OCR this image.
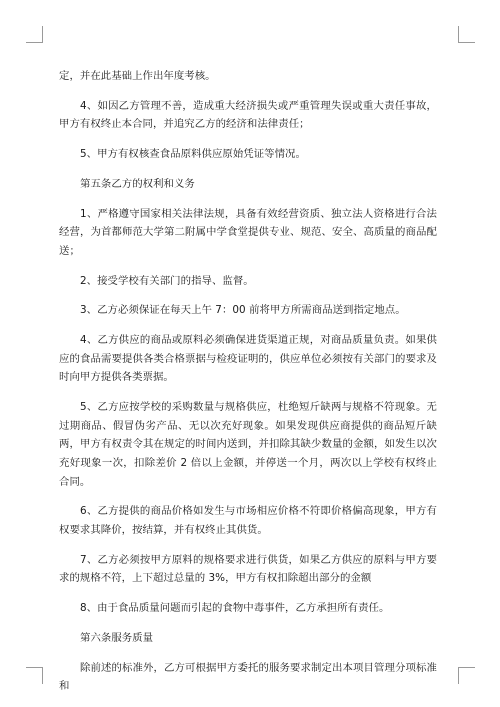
定，并在此基础上作出年度考核。

4、如因乙方管理不善，造成重大经济损失或严重管理失误或重大责任事故，甲方有权终止本合同，并追究乙方的经济和法律责任；

5、甲方有权核查食品原料供应原始凭证等情况。

第五条乙方的权利和义务

1、严格遵守国家相关法律法规，具备有效经营资质、独立法人资格进行合法经营，为首都师范大学第二附属中学食堂提供专业、规范、安全、高质量的商品配送；

2、接受学校有关部门的指导、监督。

3、乙方必须保证在每天上午 7：00 前将甲方所需商品送到指定地点。

4、乙方供应的商品或原料必须确保进货渠道正规，对商品质量负责。如果供应的食品需要提供各类合格票据与检疫证明的，供应单位必须按有关部门的要求及时向甲方提供各类票据。

5、乙方应按学校的采购数量与规格供应，杜绝短斤缺两与规格不符现象。无过期商品、假冒伪劣产品、无以次充好现象。如果发现供应商提供的商品短斤缺两，甲方有权责令其在规定的时间内送到，并扣除其缺少数量的金额，如发生以次充好现象一次，扣除差价 2 倍以上金额，并停送一个月，两次以上学校有权终止合同。

6、乙方提供的商品价格如发生与市场相应价格不符即价格偏高现象，甲方有权要求其降价，按结算，并有权终止其供货。

7、乙方必须按甲方原料的规格要求进行供货，如果乙方供应的原料与甲方要求的规格不符，上下超过总量的 3%，甲方有权扣除超出部分的金额

8、由于食品质量问题而引起的食物中毒事件，乙方承担所有责任。

第六条服务质量

除前述的标准外，乙方可根据甲方委托的服务要求制定出本项目管理分项标准和
